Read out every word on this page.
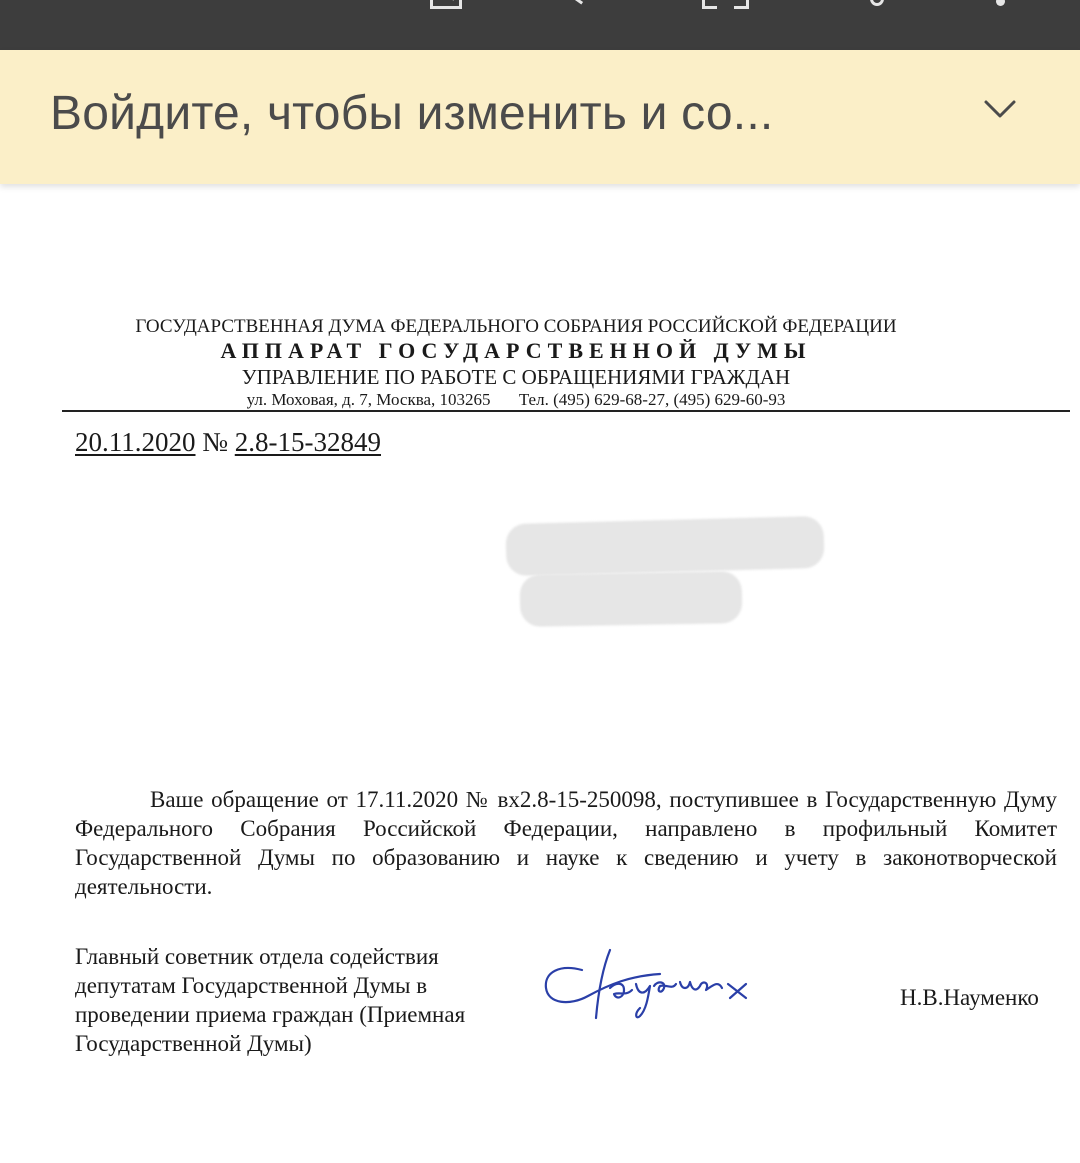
Войдите, чтобы изменить и со...
ГОСУДАРСТВЕННАЯ ДУМА ФЕДЕРАЛЬНОГО СОБРАНИЯ РОССИЙСКОЙ ФЕДЕРАЦИИ
АППАРАТ ГОСУДАРСТВЕННОЙ ДУМЫ
УПРАВЛЕНИЕ ПО РАБОТЕ С ОБРАЩЕНИЯМИ ГРАЖДАН
ул. Моховая, д. 7, Москва, 103265 Тел. (495) 629-68-27, (495) 629-60-93
20.11.2020 № 2.8-15-32849

Ваше обращение от 17.11.2020 № вх2.8-15-250098, поступившее в Государственную Думу Федерального Собрания Российской Федерации, направлено в профильный Комитет Государственной Думы по образованию и науке к сведению и учету в законотворческой деятельности.

Главный советник отдела содействия депутатам Государственной Думы в проведении приема граждан (Приемная Государственной Думы)
Н.В.Науменко
